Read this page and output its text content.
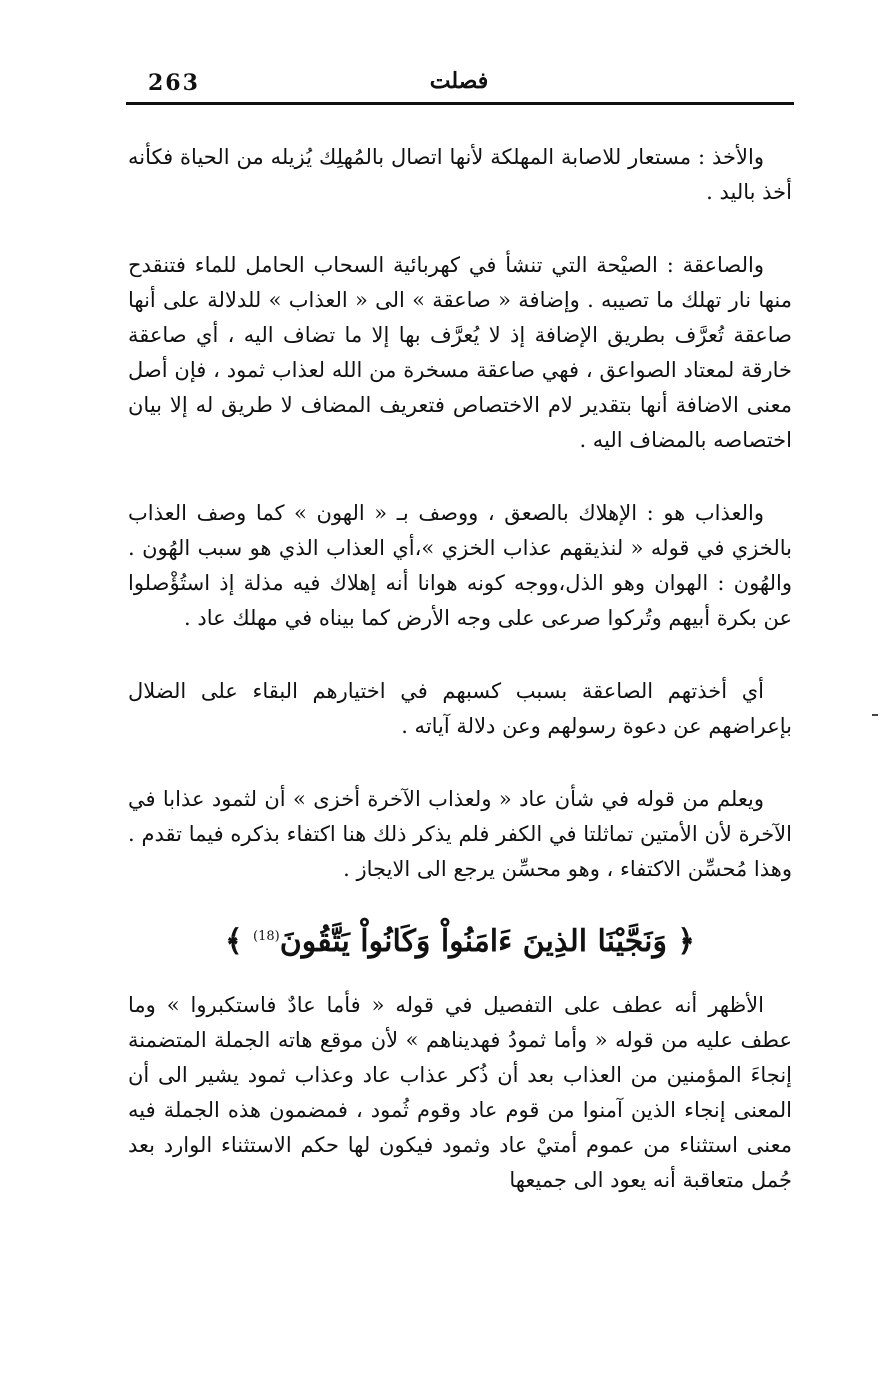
263	فصلت

والأخذ : مستعار للاصابة المهلكة لأنها اتصال بالمُهلِك يُزيله من الحياة فكأنه أخذ باليد .

والصاعقة : الصيْحة التي تنشأ في كهربائية السحاب الحامل للماء فتنقدح منها نار تهلك ما تصيبه . وإضافة « صاعقة » الى « العذاب » للدلالة على أنها صاعقة تُعرَّف بطريق الإضافة إذ لا يُعرَّف بها إلا ما تضاف اليه ، أي صاعقة خارقة لمعتاد الصواعق ، فهي صاعقة مسخرة من الله لعذاب ثمود ، فإن أصل معنى الاضافة أنها بتقدير لام الاختصاص فتعريف المضاف لا طريق له إلا بيان اختصاصه بالمضاف اليه .

والعذاب هو : الإهلاك بالصعق ، ووصف بـ « الهون » كما وصف العذاب بالخزي في قوله « لنذيقهم عذاب الخزي »،أي العذاب الذي هو سبب الهُون . والهُون : الهوان وهو الذل،ووجه كونه هوانا أنه إهلاك فيه مذلة إذ استُؤْصلوا عن بكرة أبيهم وتُركوا صرعى على وجه الأرض كما بيناه في مهلك عاد .

أي أخذتهم الصاعقة بسبب كسبهم في اختيارهم البقاء على الضلال بإعراضهم عن دعوة رسولهم وعن دلالة آياته .

ويعلم من قوله في شأن عاد « ولعذاب الآخرة أخزى » أن لثمود عذابا في الآخرة لأن الأمتين تماثلتا في الكفر فلم يذكر ذلك هنا اكتفاء بذكره فيما تقدم . وهذا مُحسِّن الاكتفاء ، وهو محسِّن يرجع الى الايجاز .

﴿ وَنَجَّيْنَا الذِينَ ءَامَنُواْ وَكَانُواْ يَتَّقُونَ$^{(18)}$ ﴾

الأظهر أنه عطف على التفصيل في قوله « فأما عادٌ فاستكبروا » وما عطف عليه من قوله « وأما ثمودُ فهديناهم » لأن موقع هاته الجملة المتضمنة إنجاءَ المؤمنين من العذاب بعد أن ذُكر عذاب عاد وعذاب ثمود يشير الى أن المعنى إنجاء الذين آمنوا من قوم عاد وقوم ثُمود ، فمضمون هذه الجملة فيه معنى استثناء من عموم أمتيْ عاد وثمود فيكون لها حكم الاستثناء الوارد بعد جُمل متعاقبة أنه يعود الى جميعها
